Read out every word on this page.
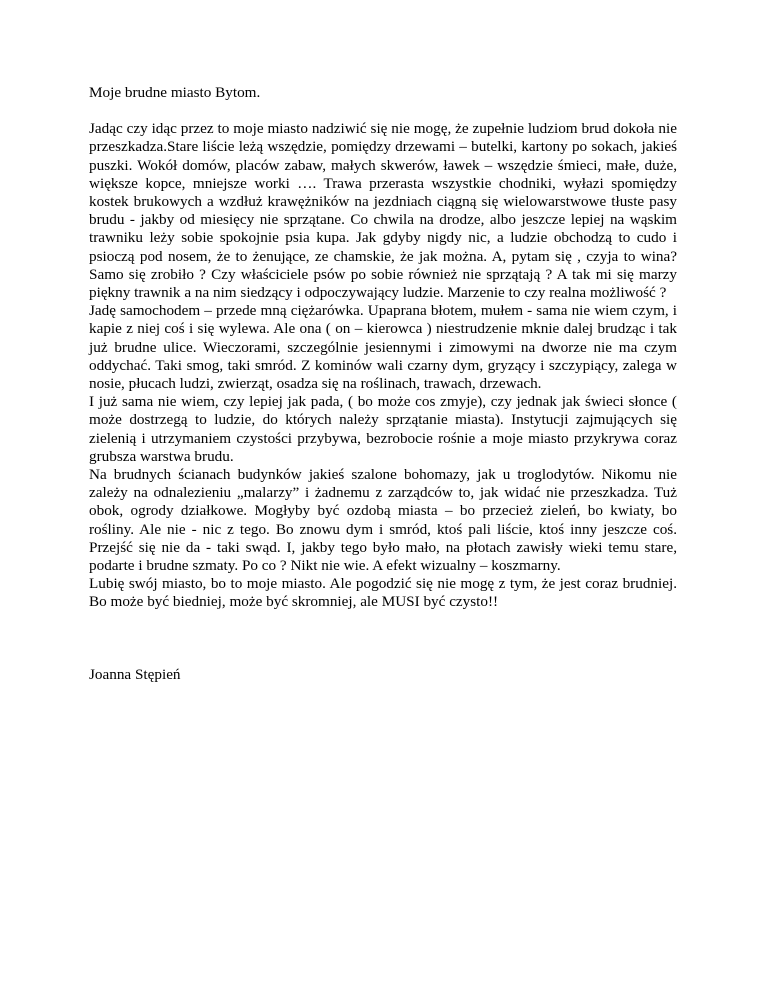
Moje brudne miasto Bytom.

Jadąc czy idąc przez to moje miasto nadziwić się nie mogę, że zupełnie ludziom brud dokoła nie przeszkadza.Stare liście leżą wszędzie, pomiędzy drzewami – butelki, kartony po sokach, jakieś puszki. Wokół domów, placów zabaw, małych skwerów, ławek – wszędzie śmieci, małe, duże, większe kopce, mniejsze worki …. Trawa przerasta wszystkie chodniki, wyłazi spomiędzy kostek brukowych a wzdłuż krawężników na jezdniach ciągną się wielowarstwowe tłuste pasy brudu - jakby od miesięcy nie sprzątane. Co chwila na drodze, albo jeszcze lepiej na wąskim trawniku leży sobie spokojnie psia kupa. Jak gdyby nigdy nic, a ludzie obchodzą to cudo i psioczą pod nosem, że to żenujące, ze chamskie, że jak można. A, pytam się , czyja to wina? Samo się zrobiło ? Czy właściciele psów po sobie również nie sprzątają ? A tak mi się marzy piękny trawnik a na nim siedzący i odpoczywający ludzie. Marzenie to czy realna możliwość ?

Jadę samochodem – przede mną ciężarówka. Upaprana błotem, mułem - sama nie wiem czym, i kapie z niej coś i się wylewa. Ale ona ( on – kierowca ) niestrudzenie mknie dalej brudząc i tak już brudne ulice. Wieczorami, szczególnie jesiennymi i zimowymi na dworze nie ma czym oddychać. Taki smog, taki smród. Z kominów wali czarny dym, gryzący i szczypiący, zalega w nosie, płucach ludzi, zwierząt, osadza się na roślinach, trawach, drzewach.

I już sama nie wiem, czy lepiej jak pada, ( bo może cos zmyje), czy jednak jak świeci słonce ( może dostrzegą to ludzie, do których należy sprzątanie miasta). Instytucji zajmujących się zielenią i utrzymaniem czystości przybywa, bezrobocie rośnie a moje miasto przykrywa coraz grubsza warstwa brudu.

Na brudnych ścianach budynków jakieś szalone bohomazy, jak u troglodytów. Nikomu nie zależy na odnalezieniu „malarzy” i żadnemu z zarządców to, jak widać nie przeszkadza. Tuż obok, ogrody działkowe. Mogłyby być ozdobą miasta – bo przecież zieleń, bo kwiaty, bo rośliny. Ale nie - nic z tego. Bo znowu dym i smród, ktoś pali liście, ktoś inny jeszcze coś. Przejść się nie da - taki swąd. I, jakby tego było mało, na płotach zawisły wieki temu stare, podarte i brudne szmaty. Po co ? Nikt nie wie. A efekt wizualny – koszmarny.

Lubię swój miasto, bo to moje miasto. Ale pogodzić się nie mogę z tym, że jest coraz brudniej. Bo może być biedniej, może być skromniej, ale MUSI być czysto!!

Joanna Stępień
